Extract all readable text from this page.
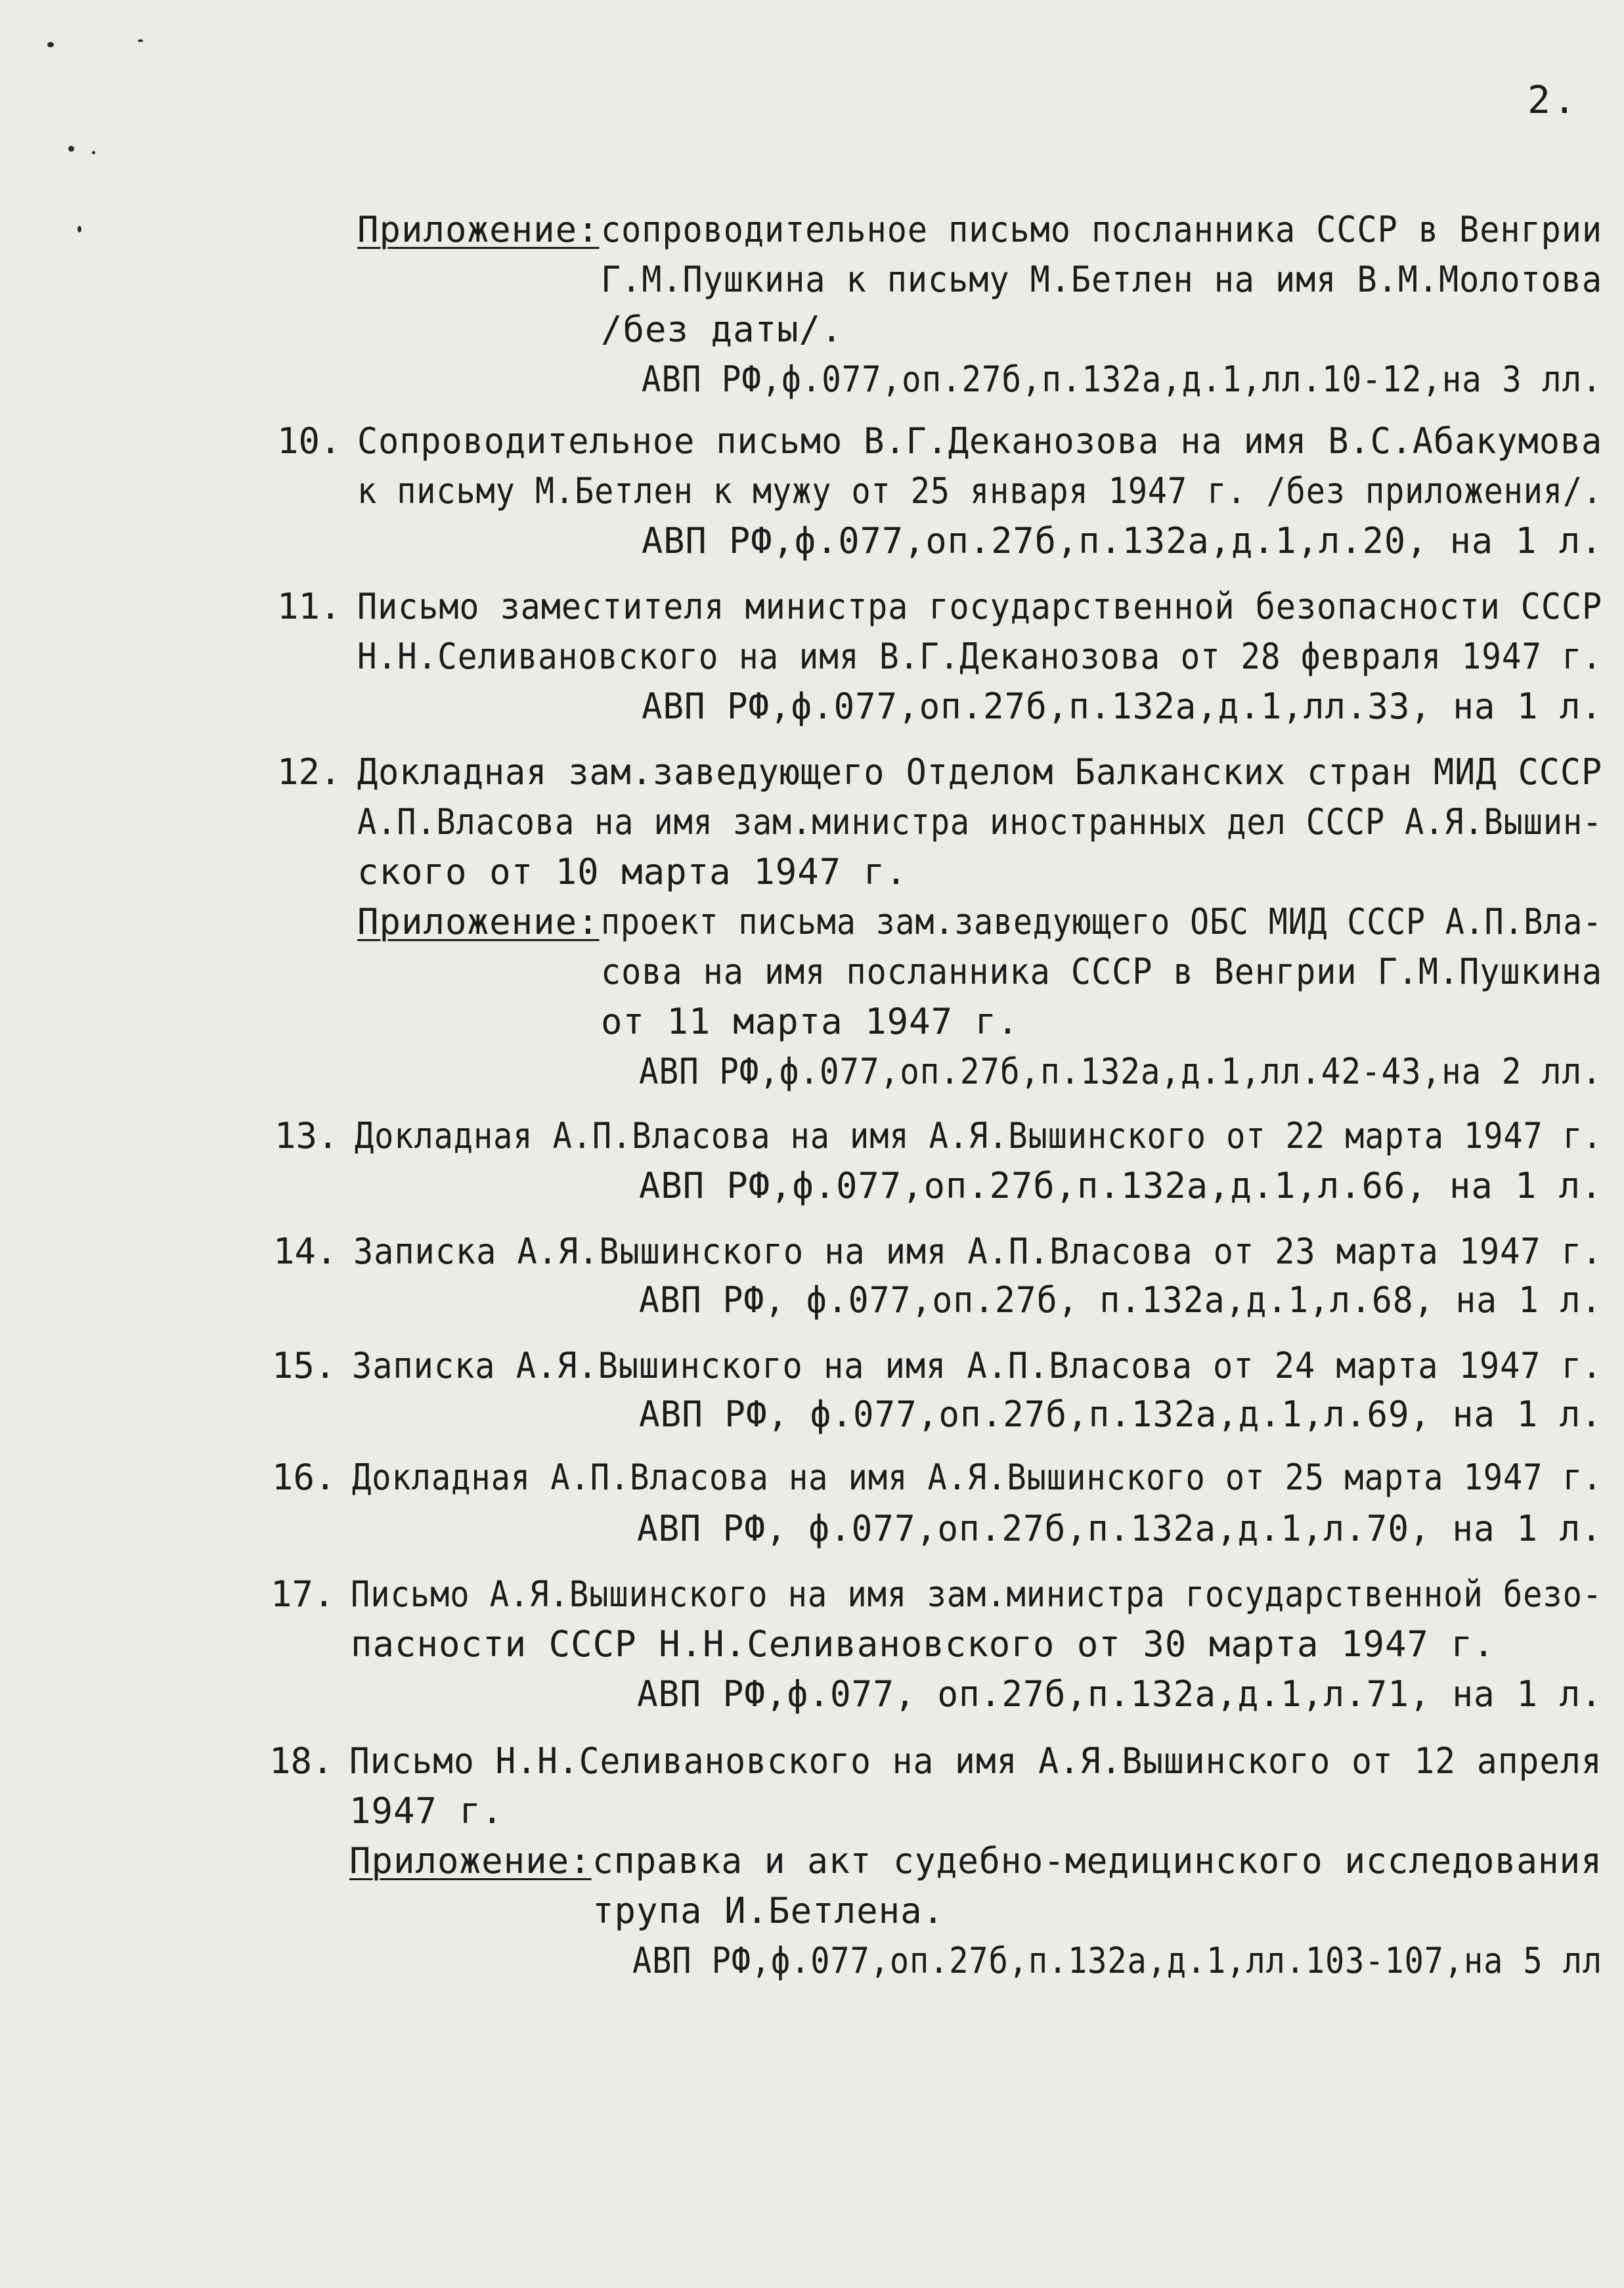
2.
Приложение: сопроводительное письмо посланника СССР в Венгрии
Г.М.Пушкина к письму М.Бетлен на имя В.М.Молотова
/без даты/.
АВП РФ,ф.077,оп.27б,п.132а,д.1,лл.10-12,на 3 лл.
10. Сопроводительное письмо В.Г.Деканозова на имя В.С.Абакумова
к письму М.Бетлен к мужу от 25 января 1947 г. /без приложения/.
АВП РФ,ф.077,оп.27б,п.132а,д.1,л.20, на 1 л.
11. Письмо заместителя министра государственной безопасности СССР
Н.Н.Селивановского на имя В.Г.Деканозова от 28 февраля 1947 г.
АВП РФ,ф.077,оп.27б,п.132а,д.1,лл.33, на 1 л.
12. Докладная зам.заведующего Отделом Балканских стран МИД СССР
А.П.Власова на имя зам.министра иностранных дел СССР А.Я.Вышин-
ского от 10 марта 1947 г.
Приложение: проект письма зам.заведующего ОБС МИД СССР А.П.Вла-
сова на имя посланника СССР в Венгрии Г.М.Пушкина
от 11 марта 1947 г.
АВП РФ,ф.077,оп.27б,п.132а,д.1,лл.42-43,на 2 лл.
13. Докладная А.П.Власова на имя А.Я.Вышинского от 22 марта 1947 г.
АВП РФ,ф.077,оп.27б,п.132а,д.1,л.66, на 1 л.
14. Записка А.Я.Вышинского на имя А.П.Власова от 23 марта 1947 г.
АВП РФ, ф.077,оп.27б, п.132а,д.1,л.68, на 1 л.
15. Записка А.Я.Вышинского на имя А.П.Власова от 24 марта 1947 г.
АВП РФ, ф.077,оп.27б,п.132а,д.1,л.69, на 1 л.
16. Докладная А.П.Власова на имя А.Я.Вышинского от 25 марта 1947 г.
АВП РФ, ф.077,оп.27б,п.132а,д.1,л.70, на 1 л.
17. Письмо А.Я.Вышинского на имя зам.министра государственной безо-
пасности СССР Н.Н.Селивановского от 30 марта 1947 г.
АВП РФ,ф.077, оп.27б,п.132а,д.1,л.71, на 1 л.
18. Письмо Н.Н.Селивановского на имя А.Я.Вышинского от 12 апреля
1947 г.
Приложение: справка и акт судебно-медицинского исследования
трупа И.Бетлена.
АВП РФ,ф.077,оп.27б,п.132а,д.1,лл.103-107,на 5 лл
